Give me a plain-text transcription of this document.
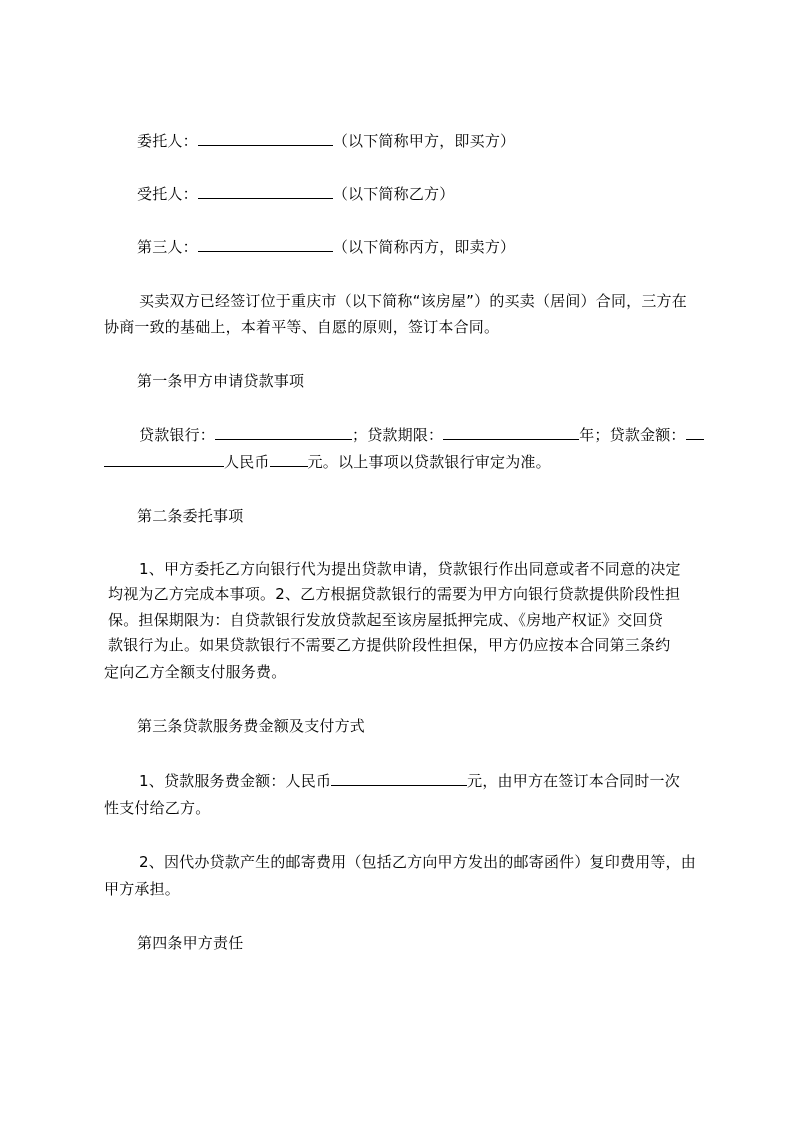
委托人：	（以下简称甲方，即买方）
受托人：	（以下简称乙方）
第三人：	（以下简称丙方，即卖方）
买卖双方已经签订位于重庆市（以下简称“该房屋”）的买卖（居间）合同，三方在
协商一致的基础上，本着平等、自愿的原则，签订本合同。
第一条甲方申请贷款事项
贷款银行：	；贷款期限：	年；贷款金额：
人民币	元。以上事项以贷款银行审定为准。
第二条委托事项
1、甲方委托乙方向银行代为提出贷款申请，贷款银行作出同意或者不同意的决定
均视为乙方完成本事项。2、乙方根据贷款银行的需要为甲方向银行贷款提供阶段性担
保。担保期限为：自贷款银行发放贷款起至该房屋抵押完成、《房地产权证》交回贷
款银行为止。如果贷款银行不需要乙方提供阶段性担保，甲方仍应按本合同第三条约
定向乙方全额支付服务费。
第三条贷款服务费金额及支付方式
1、贷款服务费金额：人民币	元，由甲方在签订本合同时一次
性支付给乙方。
2、因代办贷款产生的邮寄费用（包括乙方向甲方发出的邮寄函件）复印费用等，由
甲方承担。
第四条甲方责任
